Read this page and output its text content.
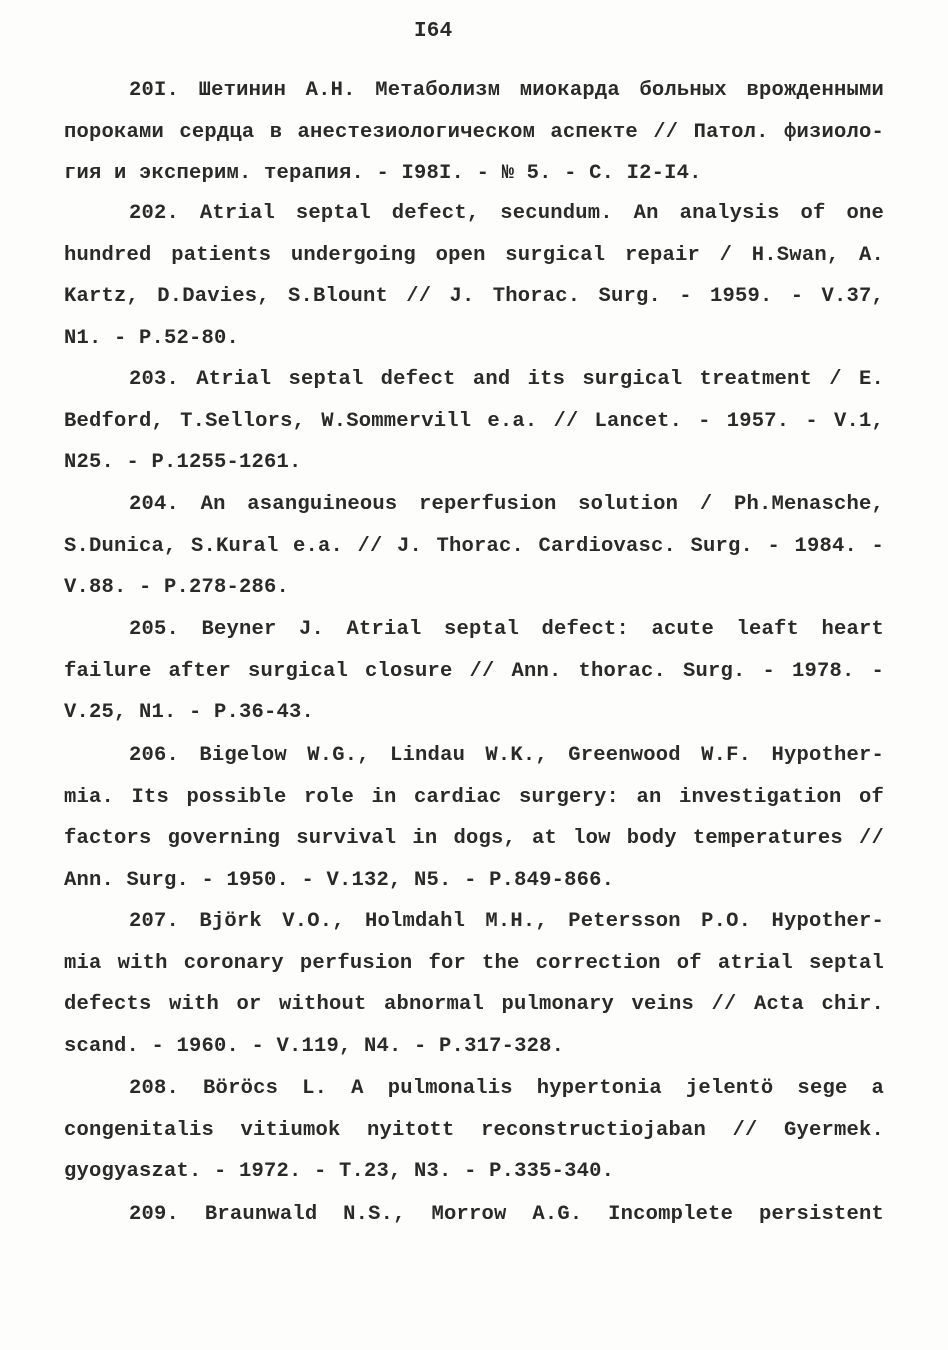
I64
20I. Шетинин А.Н. Метаболизм миокарда больных врожденными
пороками сердца в анестезиологическом аспекте // Патол. физиоло-
гия и эксперим. терапия. - I98I. - № 5. - С. I2-I4.
202. Atrial septal defect, secundum. An analysis of one
hundred patients undergoing open surgical repair / H.Swan, A.
Kartz, D.Davies, S.Blount // J. Thorac. Surg. - 1959. - V.37,
N1. - P.52-80.
203. Atrial septal defect and its surgical treatment / E.
Bedford, T.Sellors, W.Sommervill e.a. // Lancet. - 1957. - V.1,
N25. - P.1255-1261.
204. An asanguineous reperfusion solution / Ph.Menasche,
S.Dunica, S.Kural e.a. // J. Thorac. Cardiovasc. Surg. - 1984. -
V.88. - P.278-286.
205. Beyner J. Atrial septal defect: acute leaft heart
failure after surgical closure // Ann. thorac. Surg. - 1978. -
V.25, N1. - P.36-43.
206. Bigelow W.G., Lindau W.K., Greenwood W.F. Hypother-
mia. Its possible role in cardiac surgery: an investigation of
factors governing survival in dogs, at low body temperatures //
Ann. Surg. - 1950. - V.132, N5. - P.849-866.
207. Björk V.O., Holmdahl M.H., Petersson P.O. Hypother-
mia with coronary perfusion for the correction of atrial septal
defects with or without abnormal pulmonary veins // Acta chir.
scand. - 1960. - V.119, N4. - P.317-328.
208. Böröcs L. A pulmonalis hypertonia jelentö sege a
congenitalis vitiumok nyitott reconstructiojaban // Gyermek.
gyogyaszat. - 1972. - T.23, N3. - P.335-340.
209. Braunwald N.S., Morrow A.G. Incomplete persistent
